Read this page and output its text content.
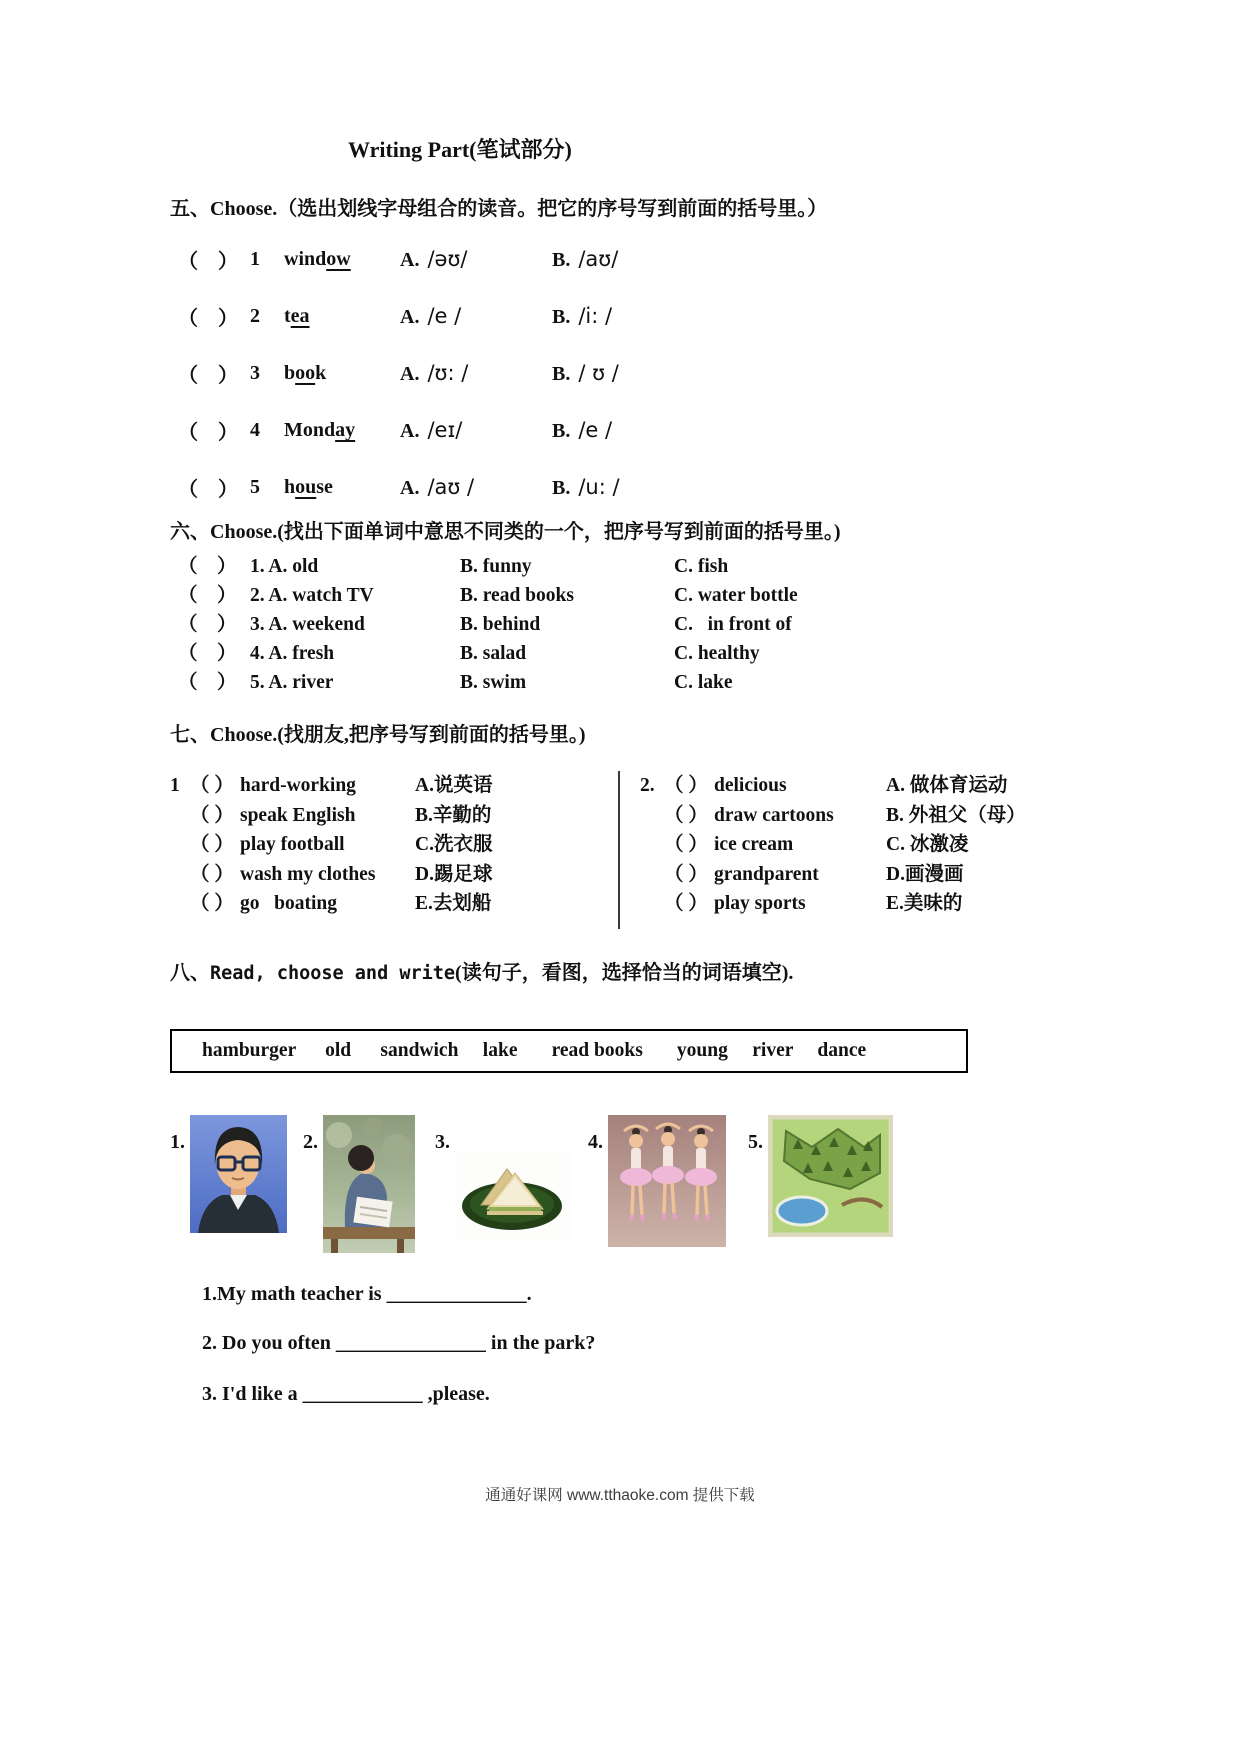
Writing Part(笔试部分)
五、Choose.（选出划线字母组合的读音。把它的序号写到前面的括号里。）
（    ） 1	window	A. /əʊ/	B. /aʊ/
（    ） 2	tea	A. /e /	B. /i: /
（    ） 3	book	A. /ʊ: /	B. / ʊ /
（    ） 4	Monday	A. /eɪ/	B. /e /
（    ） 5	house	A. /aʊ /	B. /u: /
六、Choose.(找出下面单词中意思不同类的一个，把序号写到前面的括号里。)
（    ） 1. A. old	B. funny	C. fish
（    ） 2. A. watch TV	B. read books	C. water bottle
（    ） 3. A. weekend	B. behind	C.   in front of
（    ） 4. A. fresh	B. salad	C. healthy
（    ） 5. A. river	B. swim	C. lake
七、Choose.(找朋友,把序号写到前面的括号里。)
1 （ ） hard-working	A.说英语
（ ） speak English	B.辛勤的
（ ） play football	C.洗衣服
（ ） wash my clothes	D.踢足球
（ ） go   boating	E.去划船
2. （ ） delicious	A. 做体育运动
（ ） draw cartoons	B. 外祖父（母）
（ ） ice cream	C. 冰激凌
（ ） grandparent	D.画漫画
（ ） play sports	E.美味的
八、Read, choose and write(读句子，看图，选择恰当的词语填空).
hamburger      old      sandwich     lake       read books       young     river     dance
1.	2.	3.	4.	5.
1.My math teacher is ______________.
2. Do you often _______________ in the park?
3. I'd like a ____________ ,please.
通通好课网 www.tthaoke.com 提供下载
